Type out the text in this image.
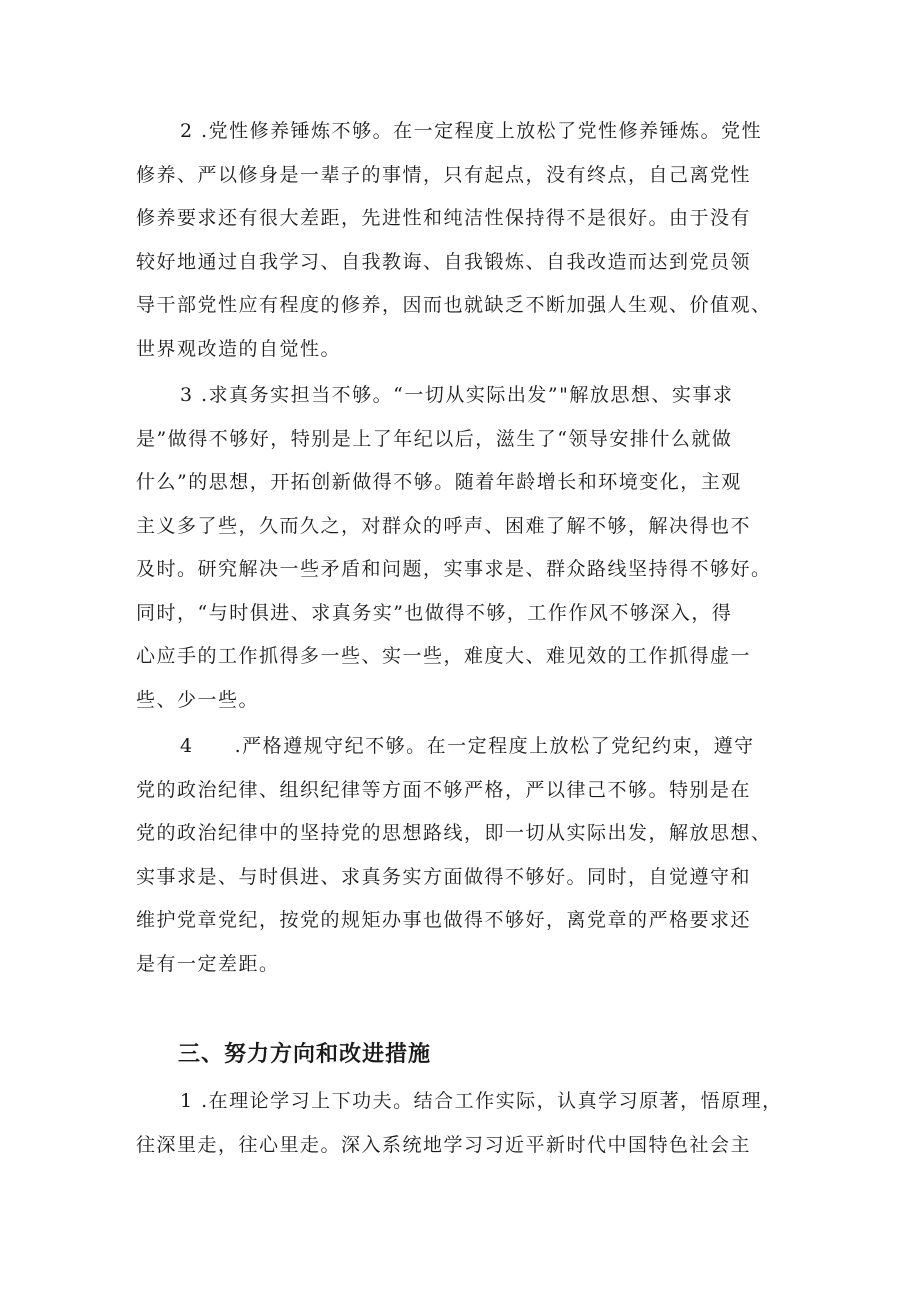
2 .党性修养锤炼不够。在一定程度上放松了党性修养锤炼。党性
修养、严以修身是一辈子的事情，只有起点，没有终点，自己离党性
修养要求还有很大差距，先进性和纯洁性保持得不是很好。由于没有
较好地通过自我学习、自我教诲、自我锻炼、自我改造而达到党员领
导干部党性应有程度的修养，因而也就缺乏不断加强人生观、价值观、
世界观改造的自觉性。
3 .求真务实担当不够。“一切从实际出发”"解放思想、实事求
是”做得不够好，特别是上了年纪以后，滋生了“领导安排什么就做
什么”的思想，开拓创新做得不够。随着年龄增长和环境变化，主观
主义多了些，久而久之，对群众的呼声、困难了解不够，解决得也不
及时。研究解决一些矛盾和问题，实事求是、群众路线坚持得不够好。
同时，“与时俱进、求真务实”也做得不够，工作作风不够深入，得
心应手的工作抓得多一些、实一些，难度大、难见效的工作抓得虚一
些、少一些。
4　　.严格遵规守纪不够。在一定程度上放松了党纪约束，遵守
党的政治纪律、组织纪律等方面不够严格，严以律己不够。特别是在
党的政治纪律中的坚持党的思想路线，即一切从实际出发，解放思想、
实事求是、与时俱进、求真务实方面做得不够好。同时，自觉遵守和
维护党章党纪，按党的规矩办事也做得不够好，离党章的严格要求还
是有一定差距。
三、努力方向和改进措施
1 .在理论学习上下功夫。结合工作实际，认真学习原著，悟原理，
往深里走，往心里走。深入系统地学习习近平新时代中国特色社会主
